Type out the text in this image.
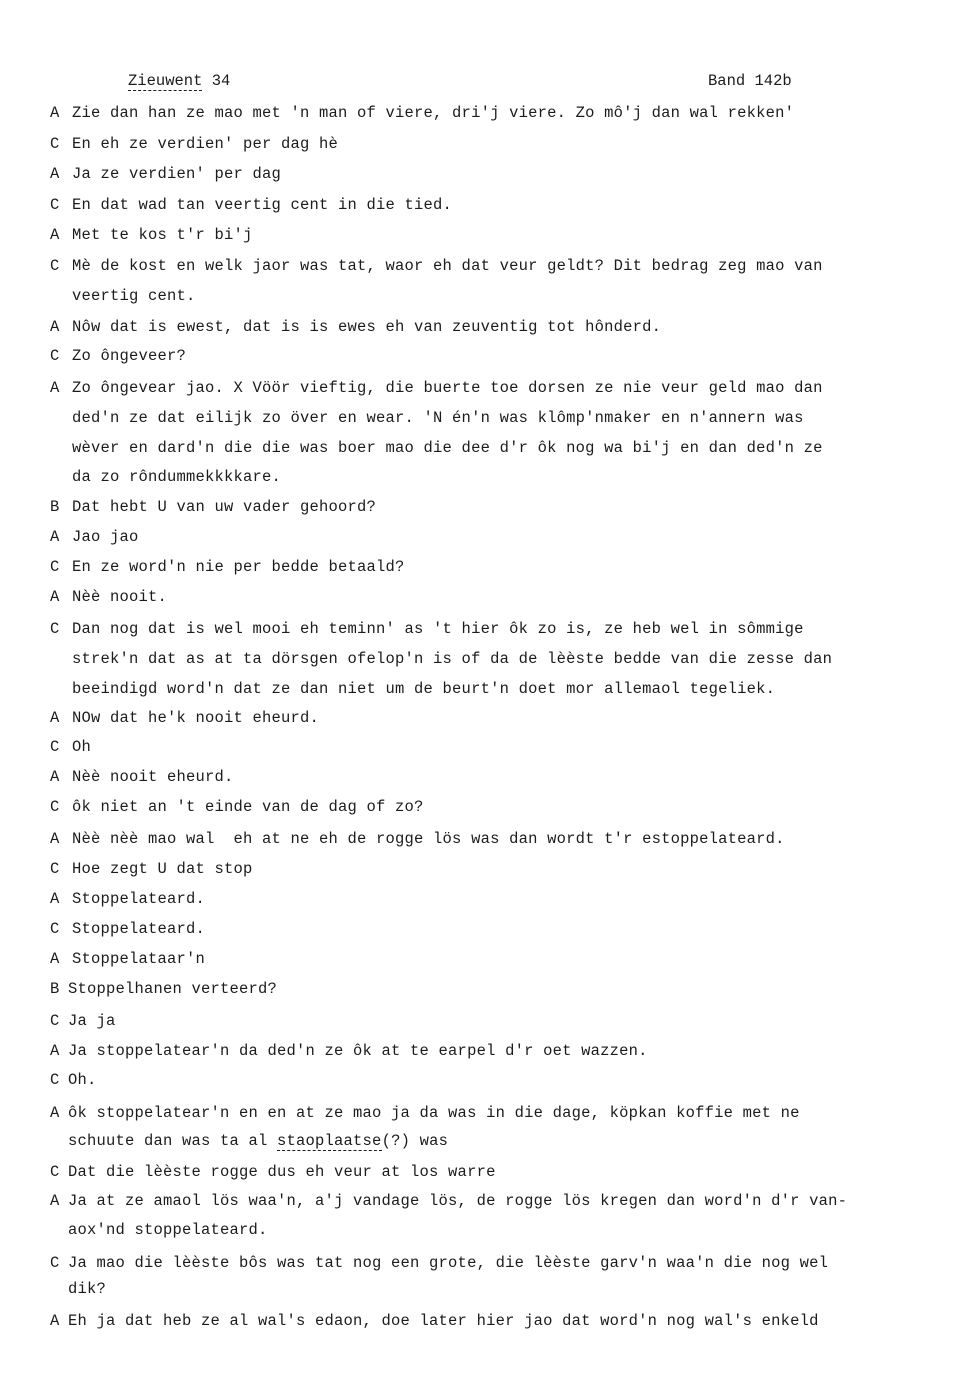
Zieuwent 34	Band 142b
A Zie dan han ze mao met 'n man of viere, dri'j viere. Zo mô'j dan wal rekken'
C En eh ze verdien' per dag hè
A Ja ze verdien' per dag
C En dat wad tan veertig cent in die tied.
A Met te kos t'r bi'j
C Mè de kost en welk jaor was tat, waor eh dat veur geldt? Dit bedrag zeg mao van
veertig cent.
A Nôw dat is ewest, dat is is ewes eh van zeuventig tot hônderd.
C Zo ôngeveer?
A Zo ôngevear jao. X Vöör vieftig, die buerte toe dorsen ze nie veur geld mao dan
ded'n ze dat eilijk zo över en wear. 'N én'n was klômp'nmaker en n'annern was
wèver en dard'n die die was boer mao die dee d'r ôk nog wa bi'j en dan ded'n ze
da zo rôndummekkkkare.
B Dat hebt U van uw vader gehoord?
A Jao jao
C En ze word'n nie per bedde betaald?
A Nèè nooit.
C Dan nog dat is wel mooi eh teminn' as 't hier ôk zo is, ze heb wel in sômmige
strek'n dat as at ta dörsgen ofelop'n is of da de lèèste bedde van die zesse dan
beeindigd word'n dat ze dan niet um de beurt'n doet mor allemaol tegeliek.
A NOw dat he'k nooit eheurd.
C Oh
A Nèè nooit eheurd.
C ôk niet an 't einde van de dag of zo?
A Nèè nèè mao wal  eh at ne eh de rogge lös was dan wordt t'r estoppelateard.
C Hoe zegt U dat stop
A Stoppelateard.
C Stoppelateard.
A Stoppelataar'n
B Stoppelhanen verteerd?
C Ja ja
A Ja stoppelatear'n da ded'n ze ôk at te earpel d'r oet wazzen.
C Oh.
A ôk stoppelatear'n en en at ze mao ja da was in die dage, köpkan koffie met ne
schuute dan was ta al staoplaatse(?) was
C Dat die lèèste rogge dus eh veur at los warre
A Ja at ze amaol lös waa'n, a'j vandage lös, de rogge lös kregen dan word'n d'r van-
aox'nd stoppelateard.
C Ja mao die lèèste bôs was tat nog een grote, die lèèste garv'n waa'n die nog wel
dik?
A Eh ja dat heb ze al wal's edaon, doe later hier jao dat word'n nog wal's enkeld
